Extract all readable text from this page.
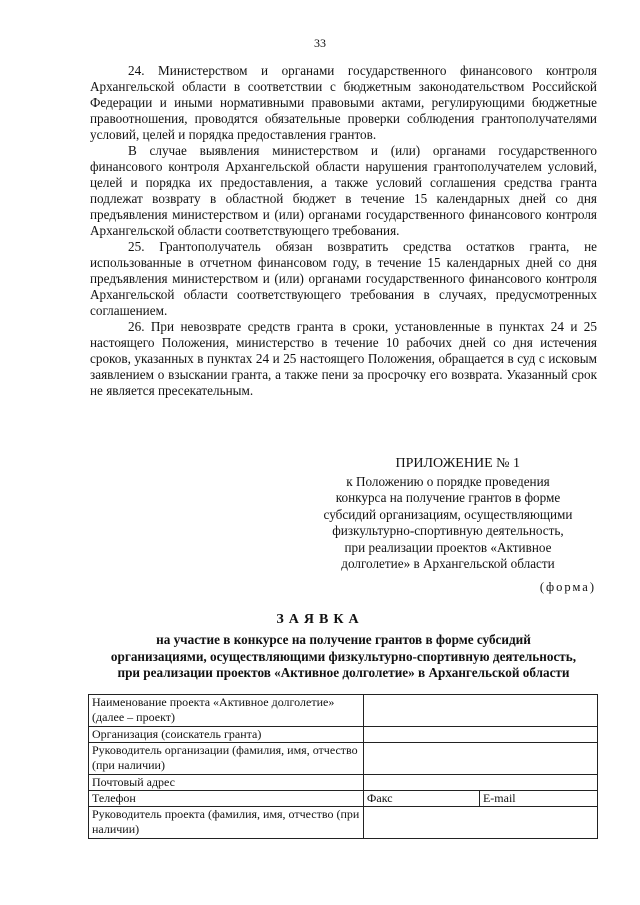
33

24. Министерством и органами государственного финансового контроля Архангельской области в соответствии с бюджетным законодательством Российской Федерации и иными нормативными правовыми актами, регулирующими бюджетные правоотношения, проводятся обязательные проверки соблюдения грантополучателями условий, целей и порядка предоставления грантов.

В случае выявления министерством и (или) органами государственного финансового контроля Архангельской области нарушения грантополучателем условий, целей и порядка их предоставления, а также условий соглашения средства гранта подлежат возврату в областной бюджет в течение 15 календарных дней со дня предъявления министерством и (или) органами государственного финансового контроля Архангельской области соответствующего требования.

25. Грантополучатель обязан возвратить средства остатков гранта, не использованные в отчетном финансовом году, в течение 15 календарных дней со дня предъявления министерством и (или) органами государственного финансового контроля Архангельской области соответствующего требования в случаях, предусмотренных соглашением.

26. При невозврате средств гранта в сроки, установленные в пунктах 24 и 25 настоящего Положения, министерство в течение 10 рабочих дней со дня истечения сроков, указанных в пунктах 24 и 25 настоящего Положения, обращается в суд с исковым заявлением о взыскании гранта, а также пени за просрочку его возврата. Указанный срок не является пресекательным.

ПРИЛОЖЕНИЕ № 1
к Положению о порядке проведения
конкурса на получение грантов в форме
субсидий организациям, осуществляющими
физкультурно-спортивную деятельность,
при реализации проектов «Активное
долголетие» в Архангельской области
(форма)
ЗАЯВКА
на участие в конкурсе на получение грантов в форме субсидий
организациями, осуществляющими физкультурно-спортивную деятельность,
при реализации проектов «Активное долголетие» в Архангельской области
Наименование проекта «Активное долголетие» (далее – проект)		
Организация (соискатель гранта)		
Руководитель организации (фамилия, имя, отчество (при наличии)		
Почтовый адрес		
Телефон	Факс	E-mail
Руководитель проекта (фамилия, имя, отчество (при наличии)		
